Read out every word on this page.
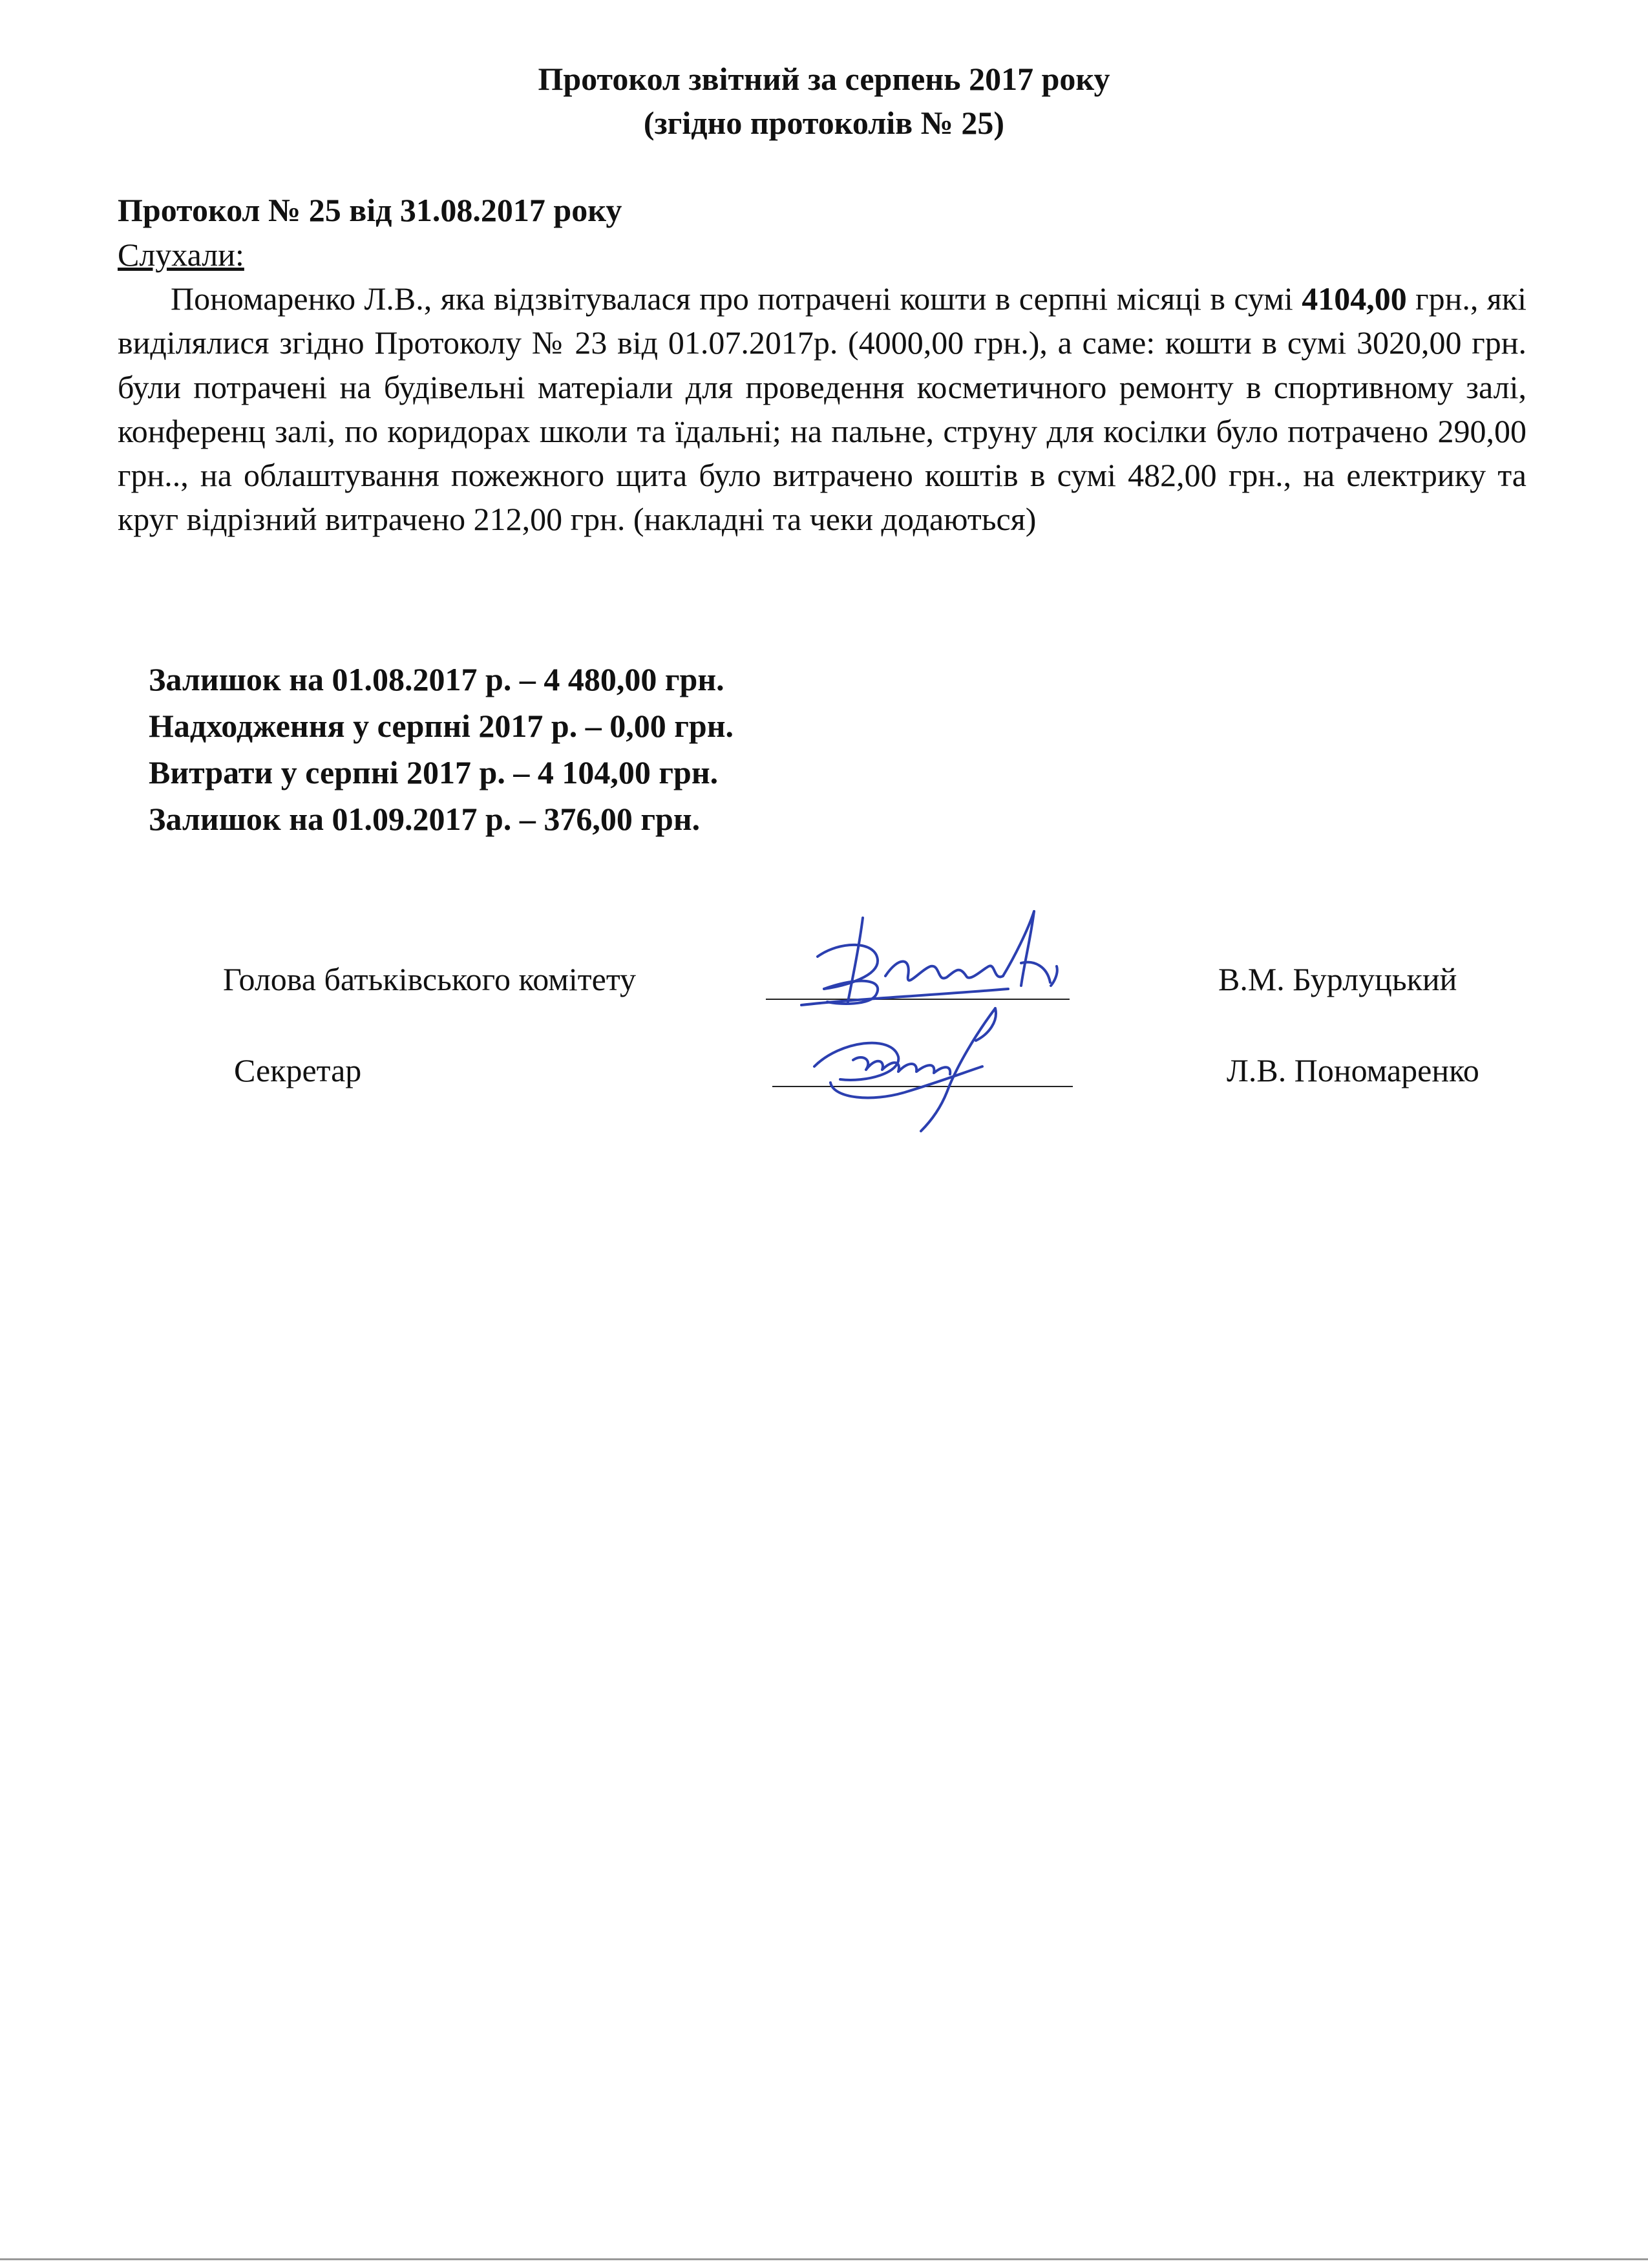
Протокол звітний за серпень 2017 року
(згідно протоколів № 25)
Протокол № 25 від 31.08.2017 року
Слухали:
Пономаренко Л.В., яка відзвітувалася про потрачені кошти в серпні місяці в сумі 4104,00 грн., які виділялися згідно Протоколу № 23 від 01.07.2017р. (4000,00 грн.), а саме: кошти в сумі 3020,00 грн. були потрачені на будівельні матеріали для проведення косметичного ремонту в спортивному залі, конференц залі, по коридорах школи та їдальні; на пальне, струну для косілки було потрачено 290,00 грн.., на облаштування пожежного щита було витрачено коштів в сумі 482,00 грн., на електрику та круг відрізний витрачено 212,00 грн. (накладні та чеки додаються)
Залишок на 01.08.2017 р. – 4 480,00 грн.
Надходження у серпні 2017 р. – 0,00 грн.
Витрати у серпні 2017 р. – 4 104,00 грн.
Залишок на 01.09.2017 р. – 376,00 грн.
Голова батьківського комітету	В.М. Бурлуцький
Секретар	Л.В. Пономаренко
